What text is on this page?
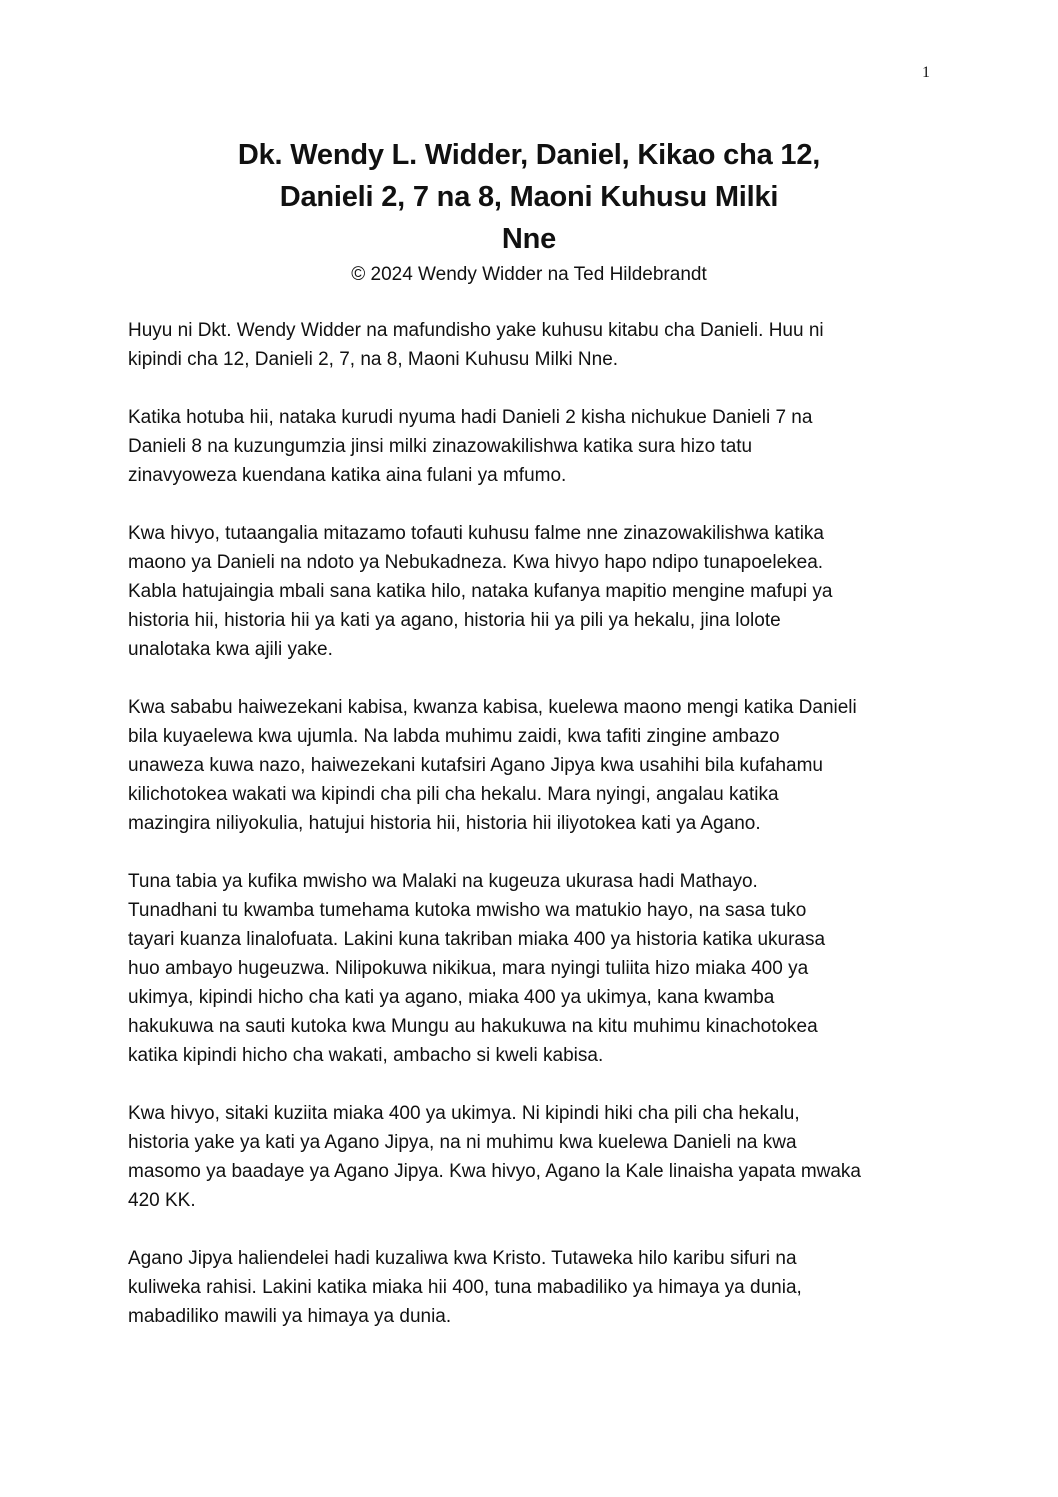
1
Dk. Wendy L. Widder, Daniel, Kikao cha 12,
Danieli 2, 7 na 8, Maoni Kuhusu Milki
Nne
© 2024 Wendy Widder na Ted Hildebrandt

Huyu ni Dkt. Wendy Widder na mafundisho yake kuhusu kitabu cha Danieli. Huu ni
kipindi cha 12, Danieli 2, 7, na 8, Maoni Kuhusu Milki Nne.

Katika hotuba hii, nataka kurudi nyuma hadi Danieli 2 kisha nichukue Danieli 7 na
Danieli 8 na kuzungumzia jinsi milki zinazowakilishwa katika sura hizo tatu
zinavyoweza kuendana katika aina fulani ya mfumo.

Kwa hivyo, tutaangalia mitazamo tofauti kuhusu falme nne zinazowakilishwa katika
maono ya Danieli na ndoto ya Nebukadneza. Kwa hivyo hapo ndipo tunapoelekea.
Kabla hatujaingia mbali sana katika hilo, nataka kufanya mapitio mengine mafupi ya
historia hii, historia hii ya kati ya agano, historia hii ya pili ya hekalu, jina lolote
unalotaka kwa ajili yake.

Kwa sababu haiwezekani kabisa, kwanza kabisa, kuelewa maono mengi katika Danieli
bila kuyaelewa kwa ujumla. Na labda muhimu zaidi, kwa tafiti zingine ambazo
unaweza kuwa nazo, haiwezekani kutafsiri Agano Jipya kwa usahihi bila kufahamu
kilichotokea wakati wa kipindi cha pili cha hekalu. Mara nyingi, angalau katika
mazingira niliyokulia, hatujui historia hii, historia hii iliyotokea kati ya Agano.

Tuna tabia ya kufika mwisho wa Malaki na kugeuza ukurasa hadi Mathayo.
Tunadhani tu kwamba tumehama kutoka mwisho wa matukio hayo, na sasa tuko
tayari kuanza linalofuata. Lakini kuna takriban miaka 400 ya historia katika ukurasa
huo ambayo hugeuzwa. Nilipokuwa nikikua, mara nyingi tuliita hizo miaka 400 ya
ukimya, kipindi hicho cha kati ya agano, miaka 400 ya ukimya, kana kwamba
hakukuwa na sauti kutoka kwa Mungu au hakukuwa na kitu muhimu kinachotokea
katika kipindi hicho cha wakati, ambacho si kweli kabisa.

Kwa hivyo, sitaki kuziita miaka 400 ya ukimya. Ni kipindi hiki cha pili cha hekalu,
historia yake ya kati ya Agano Jipya, na ni muhimu kwa kuelewa Danieli na kwa
masomo ya baadaye ya Agano Jipya. Kwa hivyo, Agano la Kale linaisha yapata mwaka
420 KK.

Agano Jipya haliendelei hadi kuzaliwa kwa Kristo. Tutaweka hilo karibu sifuri na
kuliweka rahisi. Lakini katika miaka hii 400, tuna mabadiliko ya himaya ya dunia,
mabadiliko mawili ya himaya ya dunia.
